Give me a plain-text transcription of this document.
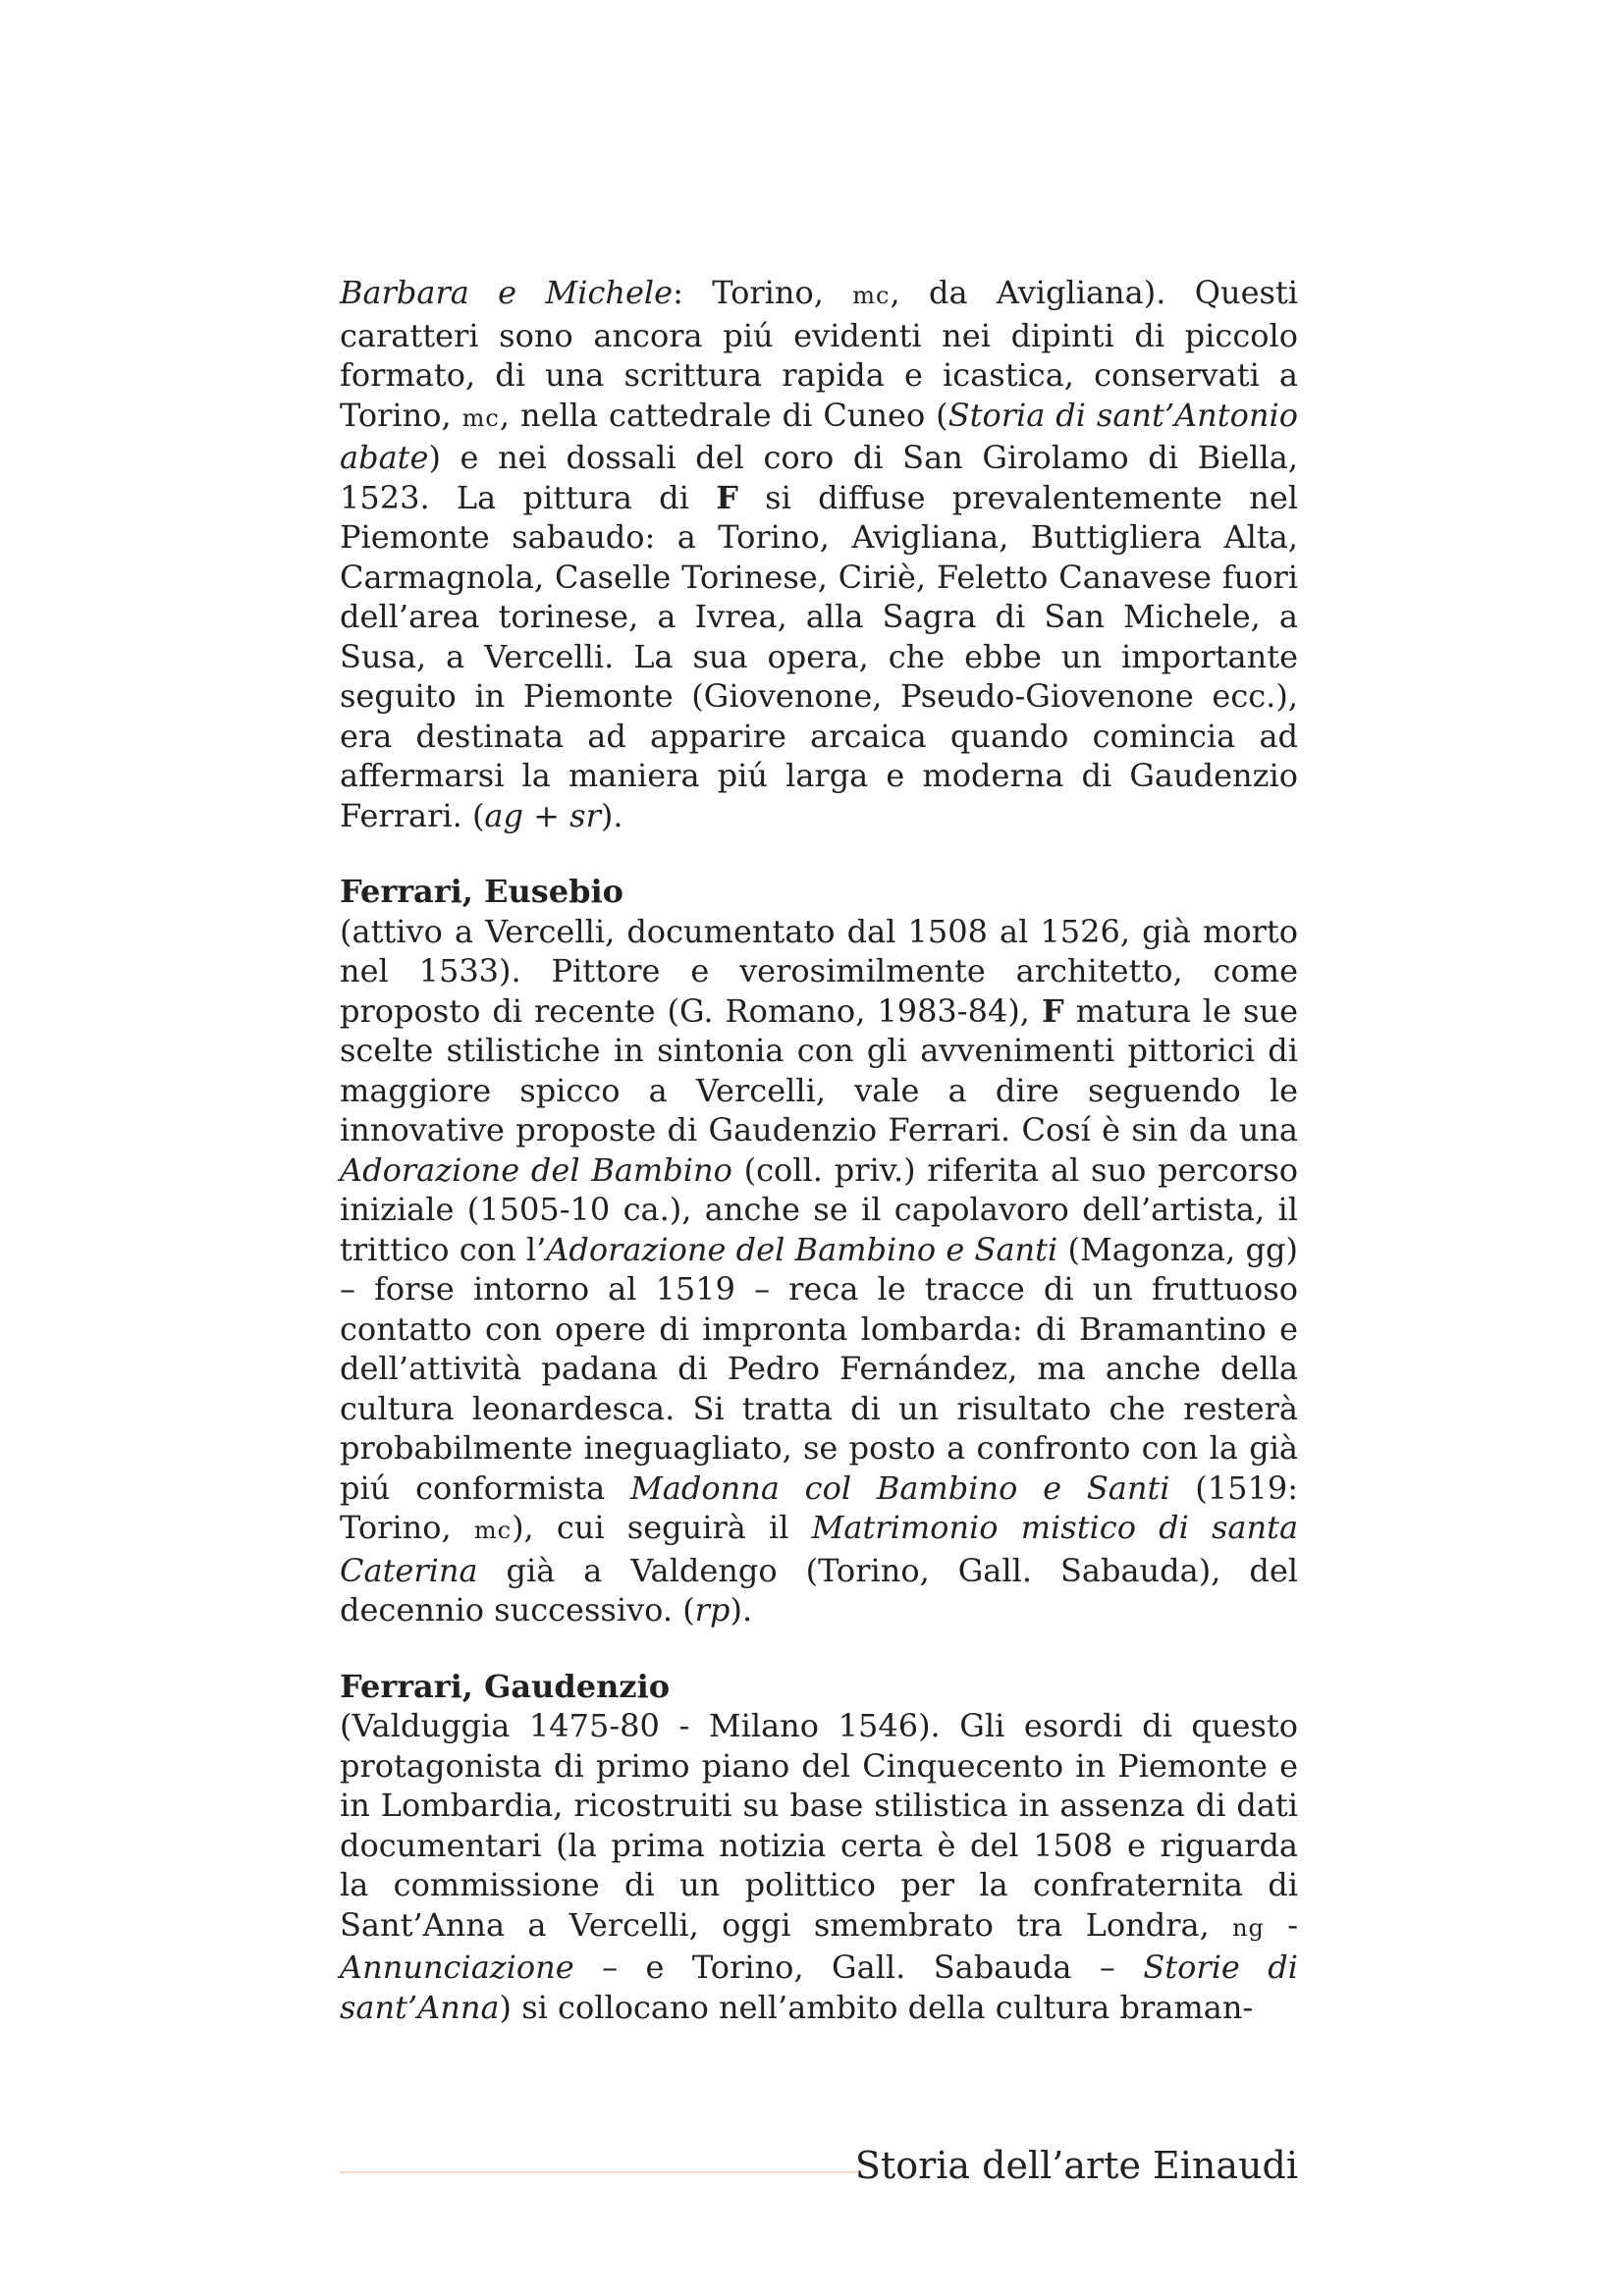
Barbara e Michele: Torino, mc, da Avigliana). Questi caratteri sono ancora piú evidenti nei dipinti di piccolo formato, di una scrittura rapida e icastica, conservati a Torino, mc, nella cattedrale di Cuneo (Storia di sant’Antonio abate) e nei dossali del coro di San Girolamo di Biella, 1523. La pittura di F si diffuse prevalentemente nel Piemonte sabaudo: a Torino, Avigliana, Buttigliera Alta, Carmagnola, Caselle Torinese, Ciriè, Feletto Canavese fuori dell’area torinese, a Ivrea, alla Sagra di San Michele, a Susa, a Vercelli. La sua opera, che ebbe un importante seguito in Piemonte (Giovenone, Pseudo-Giovenone ecc.), era destinata ad apparire arcaica quando comincia ad affermarsi la maniera piú larga e moderna di Gaudenzio Ferrari. (ag + sr).

Ferrari, Eusebio

(attivo a Vercelli, documentato dal 1508 al 1526, già morto nel 1533). Pittore e verosimilmente architetto, come proposto di recente (G. Romano, 1983-84), F matura le sue scelte stilistiche in sintonia con gli avvenimenti pittorici di maggiore spicco a Vercelli, vale a dire seguendo le innovative proposte di Gaudenzio Ferrari. Cosí è sin da una Adorazione del Bambino (coll. priv.) riferita al suo percorso iniziale (1505-10 ca.), anche se il capolavoro dell’artista, il trittico con l’Adorazione del Bambino e Santi (Magonza, gg) – forse intorno al 1519 – reca le tracce di un fruttuoso contatto con opere di impronta lombarda: di Bramantino e dell’attività padana di Pedro Fernández, ma anche della cultura leonardesca. Si tratta di un risultato che resterà probabilmente ineguagliato, se posto a confronto con la già piú conformista Madonna col Bambino e Santi (1519: Torino, mc), cui seguirà il Matrimonio mistico di santa Caterina già a Valdengo (Torino, Gall. Sabauda), del decennio successivo. (rp).

Ferrari, Gaudenzio

(Valduggia 1475-80 - Milano 1546). Gli esordi di questo protagonista di primo piano del Cinquecento in Piemonte e in Lombardia, ricostruiti su base stilistica in assenza di dati documentari (la prima notizia certa è del 1508 e riguarda la commissione di un polittico per la confraternita di Sant’Anna a Vercelli, oggi smembrato tra Londra, ng - Annunciazione – e Torino, Gall. Sabauda – Storie di sant’Anna) si collocano nell’ambito della cultura braman-

Storia dell’arte Einaudi
